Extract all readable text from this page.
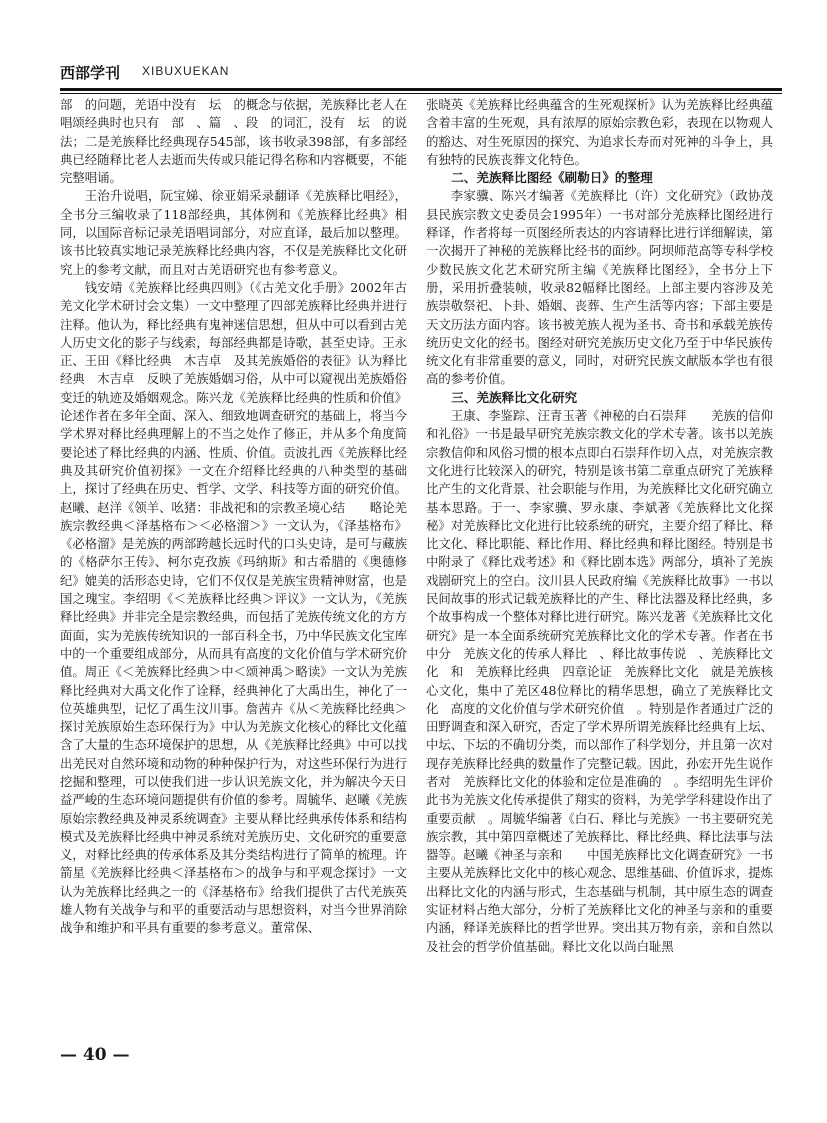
西部学刊 XIBUXUEKAN

部　的问题，羌语中没有　坛　的概念与依据，羌族释比老人在唱颂经典时也只有　部　、篇　、段　的词汇，没有　坛　的说法；二是羌族释比经典现存545部，该书收录398部，有多部经典已经随释比老人去逝而失传或只能记得名称和内容概要，不能完整唱诵。

王治升说唱，阮宝娣、徐亚娟采录翻译《羌族释比唱经》，全书分三编收录了118部经典，其体例和《羌族释比经典》相同，以国际音标记录羌语唱词部分，对应直译，最后加以整理。该书比较真实地记录羌族释比经典内容，不仅是羌族释比文化研究上的参考文献，而且对古羌语研究也有参考意义。

钱安靖《羌族释比经典四则》（《古羌文化手册》2002年古羌文化学术研讨会文集）一文中整理了四部羌族释比经典并进行注释。他认为，释比经典有鬼神迷信思想，但从中可以看到古羌人历史文化的影子与线索，每部经典都是诗歌，甚至史诗。王永正、王田《释比经典　木吉卓　及其羌族婚俗的表征》认为释比经典　木吉卓　反映了羌族婚姻习俗，从中可以窥视出羌族婚俗变迁的轨迹及婚姻观念。陈兴龙《羌族释比经典的性质和价值》论述作者在多年全面、深入、细致地调查研究的基础上，将当今学术界对释比经典理解上的不当之处作了修正，并从多个角度简要论述了释比经典的内涵、性质、价值。贡波扎西《羌族释比经典及其研究价值初探》一文在介绍释比经典的八种类型的基础上，探讨了经典在历史、哲学、文学、科技等方面的研究价值。赵曦、赵洋《领羊、吆猪：非战祀和的宗教圣境心结　　略论羌族宗教经典＜泽基格布＞＜必格溜＞》一文认为，《泽基格布》《必格溜》是羌族的两部跨越长远时代的口头史诗，是可与藏族的《格萨尔王传》、柯尔克孜族《玛纳斯》和古希腊的《奥德修纪》媲美的活形态史诗，它们不仅仅是羌族宝贵精神财富，也是国之瑰宝。李绍明《＜羌族释比经典＞评议》一文认为，《羌族释比经典》并非完全是宗教经典，而包括了羌族传统文化的方方面面，实为羌族传统知识的一部百科全书，乃中华民族文化宝库中的一个重要组成部分，从而具有高度的文化价值与学术研究价值。周正《＜羌族释比经典＞中＜颂神禹＞略读》一文认为羌族释比经典对大禹文化作了诠释，经典神化了大禹出生，神化了一位英雄典型，记忆了禹生汶川事。詹茜卉《从＜羌族释比经典＞探讨羌族原始生态环保行为》中认为羌族文化核心的释比文化蕴含了大量的生态环境保护的思想，从《羌族释比经典》中可以找出羌民对自然环境和动物的种种保护行为，对这些环保行为进行挖掘和整理，可以使我们进一步认识羌族文化，并为解决今天日益严峻的生态环境问题提供有价值的参考。周毓华、赵曦《羌族原始宗教经典及神灵系统调查》主要从释比经典承传体系和结构模式及羌族释比经典中神灵系统对羌族历史、文化研究的重要意义，对释比经典的传承体系及其分类结构进行了简单的梳理。许箭星《羌族释比经典＜泽基格布＞的战争与和平观念探讨》一文认为羌族释比经典之一的《泽基格布》给我们提供了古代羌族英雄人物有关战争与和平的重要活动与思想资料，对当今世界消除战争和维护和平具有重要的参考意义。董常保、

张晓英《羌族释比经典蕴含的生死观探析》认为羌族释比经典蕴含着丰富的生死观，具有浓厚的原始宗教色彩，表现在以物观人的豁达、对生死原因的探究、为追求长寿而对死神的斗争上，具有独特的民族丧葬文化特色。

二、羌族释比图经《刷勒日》的整理

李家骥、陈兴才编著《羌族释比（许）文化研究》（政协茂县民族宗教文史委员会1995年）一书对部分羌族释比图经进行释译，作者将每一页图经所表达的内容请释比进行详细解读，第一次揭开了神秘的羌族释比经书的面纱。阿坝师范高等专科学校少数民族文化艺术研究所主编《羌族释比图经》，全书分上下册，采用折叠装帧，收录82幅释比图经。上部主要内容涉及羌族崇敬祭祀、卜卦、婚姻、丧葬、生产生活等内容；下部主要是天文历法方面内容。该书被羌族人视为圣书、奇书和承载羌族传统历史文化的经书。图经对研究羌族历史文化乃至于中华民族传统文化有非常重要的意义，同时，对研究民族文献版本学也有很高的参考价值。

三、羌族释比文化研究

王康、李鉴踪、汪青玉著《神秘的白石崇拜　　羌族的信仰和礼俗》一书是最早研究羌族宗教文化的学术专著。该书以羌族宗教信仰和风俗习惯的根本点即白石崇拜作切入点，对羌族宗教文化进行比较深入的研究，特别是该书第二章重点研究了羌族释比产生的文化背景、社会职能与作用，为羌族释比文化研究确立基本思路。于一、李家骥、罗永康、李斌著《羌族释比文化探秘》对羌族释比文化进行比较系统的研究，主要介绍了释比、释比文化、释比职能、释比作用、释比经典和释比图经。特别是书中附录了《释比戏考述》和《释比剧本选》两部分，填补了羌族戏剧研究上的空白。汶川县人民政府编《羌族释比故事》一书以民间故事的形式记载羌族释比的产生、释比法器及释比经典，多个故事构成一个整体对释比进行研究。陈兴龙著《羌族释比文化研究》是一本全面系统研究羌族释比文化的学术专著。作者在书中分　羌族文化的传承人释比　、释比故事传说　、羌族释比文化　和　羌族释比经典　四章论证　羌族释比文化　就是羌族核心文化，集中了羌区48位释比的精华思想，确立了羌族释比文化　高度的文化价值与学术研究价值　。特别是作者通过广泛的田野调查和深入研究，否定了学术界所谓羌族释比经典有上坛、中坛、下坛的不确切分类，而以部作了科学划分，并且第一次对现存羌族释比经典的数量作了完整记载。因此，孙宏开先生说作者对　羌族释比文化的体验和定位是准确的　。李绍明先生评价　此书为羌族文化传承提供了翔实的资料，为羌学学科建设作出了重要贡献　。周毓华编著《白石、释比与羌族》一书主要研究羌族宗教，其中第四章概述了羌族释比、释比经典、释比法事与法器等。赵曦《神圣与亲和　　中国羌族释比文化调查研究》一书主要从羌族释比文化中的核心观念、思维基础、价值诉求，提炼出释比文化的内涵与形式，生态基础与机制，其中原生态的调查实证材料占绝大部分，分析了羌族释比文化的神圣与亲和的重要内涵，释译羌族释比的哲学世界。突出其万物有亲，亲和自然以及社会的哲学价值基础。释比文化以尚白耻黑

— 40 —
